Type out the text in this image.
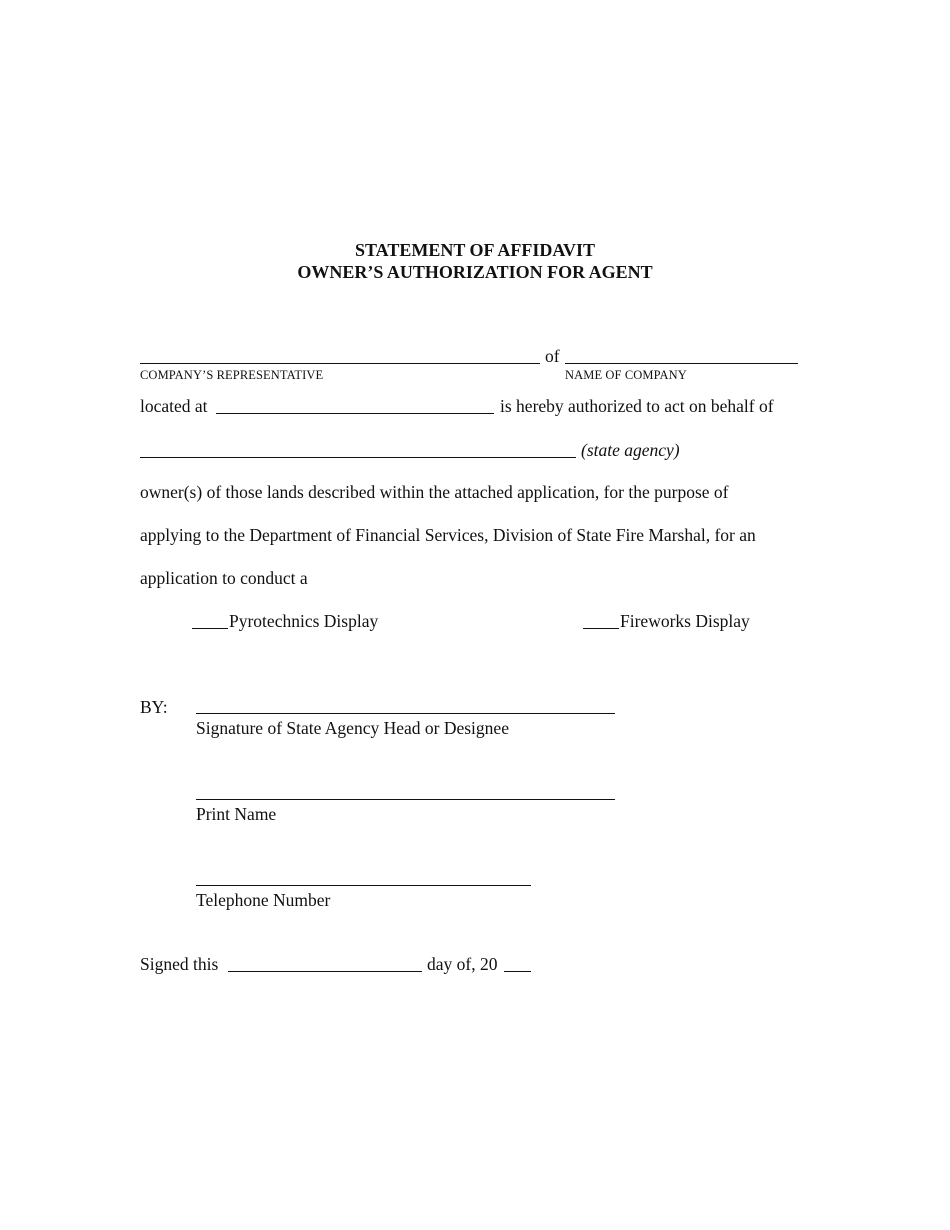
STATEMENT OF AFFIDAVIT
OWNER’S AUTHORIZATION FOR AGENT
of
COMPANY’S REPRESENTATIVE	NAME OF COMPANY
located at	is hereby authorized to act on behalf of
(state agency)
owner(s) of those lands described within the attached application, for the purpose of
applying to the Department of Financial Services, Division of State Fire Marshal, for an
application to conduct a
Pyrotechnics Display	Fireworks Display
BY:
Signature of State Agency Head or Designee
Print Name
Telephone Number
Signed this	day of, 20
